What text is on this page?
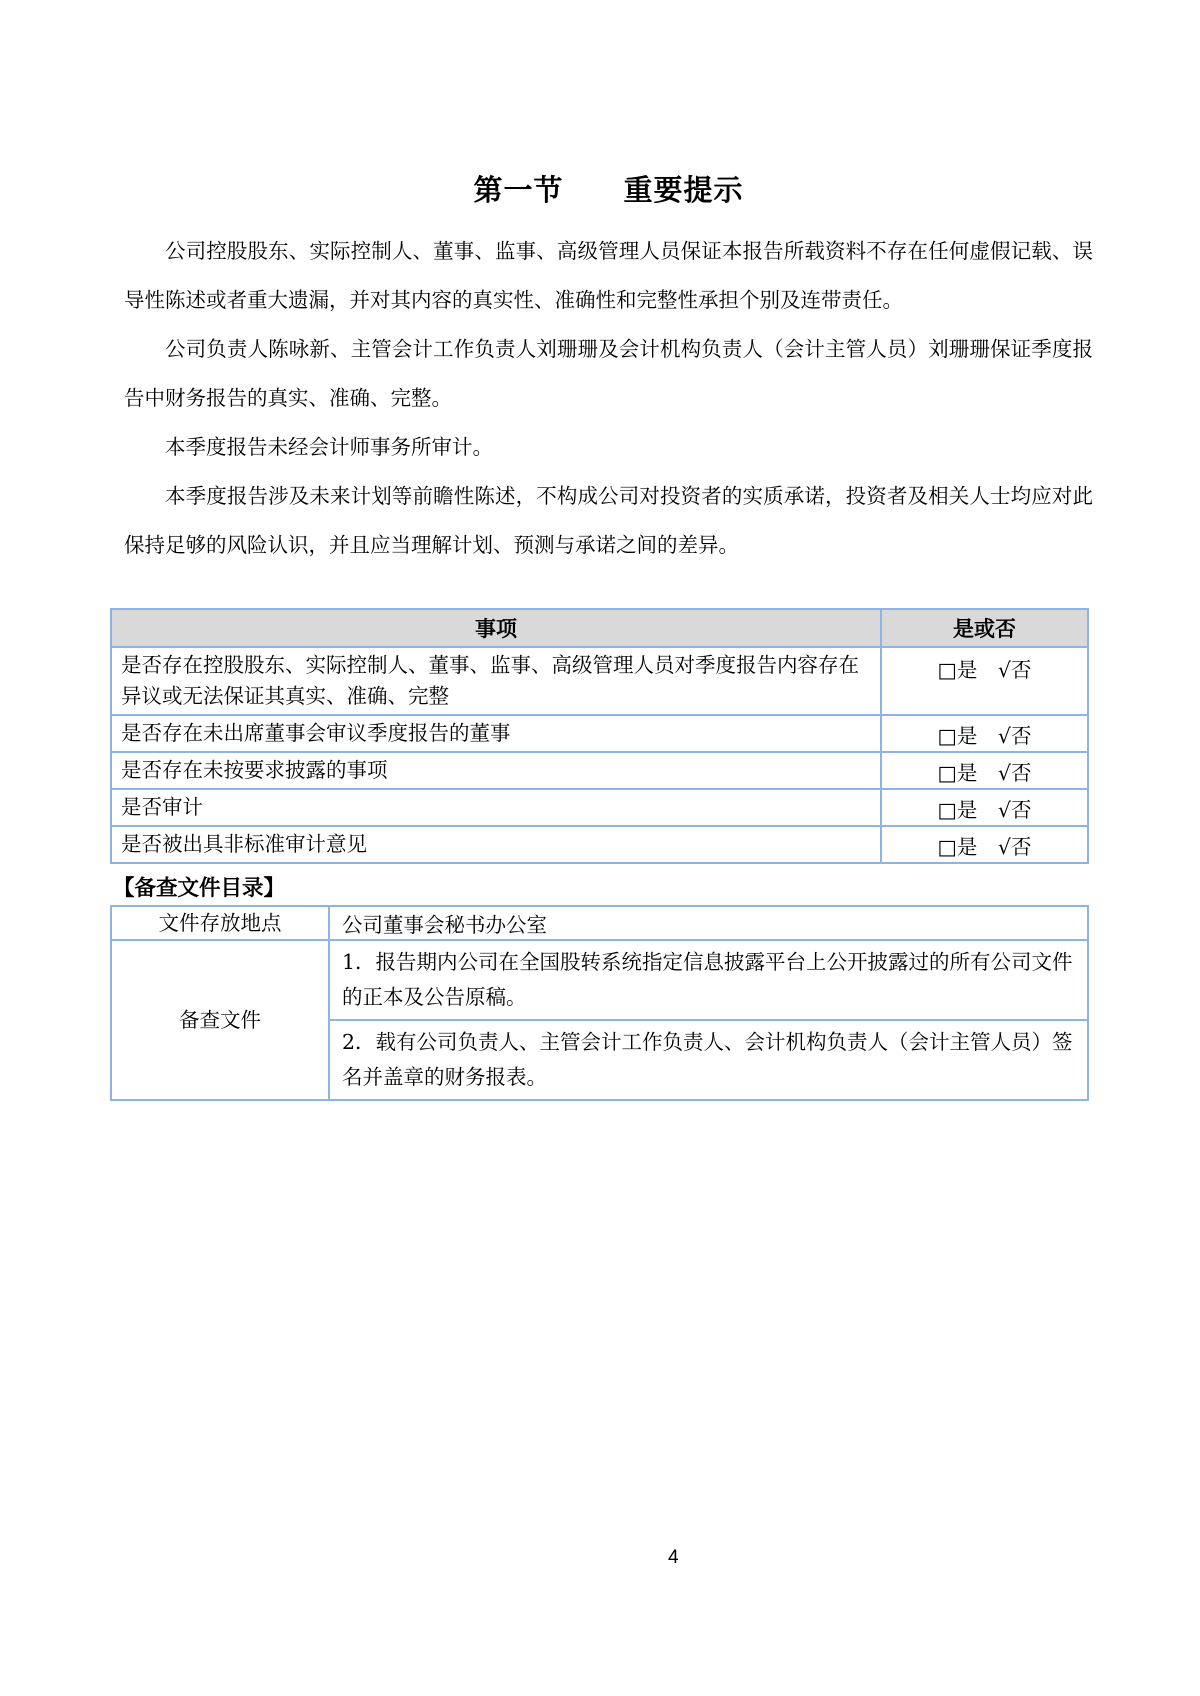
第一节　　重要提示

公司控股股东、实际控制人、董事、监事、高级管理人员保证本报告所载资料不存在任何虚假记载、误导性陈述或者重大遗漏，并对其内容的真实性、准确性和完整性承担个别及连带责任。

公司负责人陈咏新、主管会计工作负责人刘珊珊及会计机构负责人（会计主管人员）刘珊珊保证季度报告中财务报告的真实、准确、完整。

本季度报告未经会计师事务所审计。

本季度报告涉及未来计划等前瞻性陈述，不构成公司对投资者的实质承诺，投资者及相关人士均应对此保持足够的风险认识，并且应当理解计划、预测与承诺之间的差异。

事项	是或否
是否存在控股股东、实际控制人、董事、监事、高级管理人员对季度报告内容存在异议或无法保证其真实、准确、完整	□是　√否
是否存在未出席董事会审议季度报告的董事	□是　√否
是否存在未按要求披露的事项	□是　√否
是否审计	□是　√否
是否被出具非标准审计意见	□是　√否
【备查文件目录】
文件存放地点	公司董事会秘书办公室
备查文件	1．报告期内公司在全国股转系统指定信息披露平台上公开披露过的所有公司文件的正本及公告原稿。
	2．载有公司负责人、主管会计工作负责人、会计机构负责人（会计主管人员）签名并盖章的财务报表。
4
